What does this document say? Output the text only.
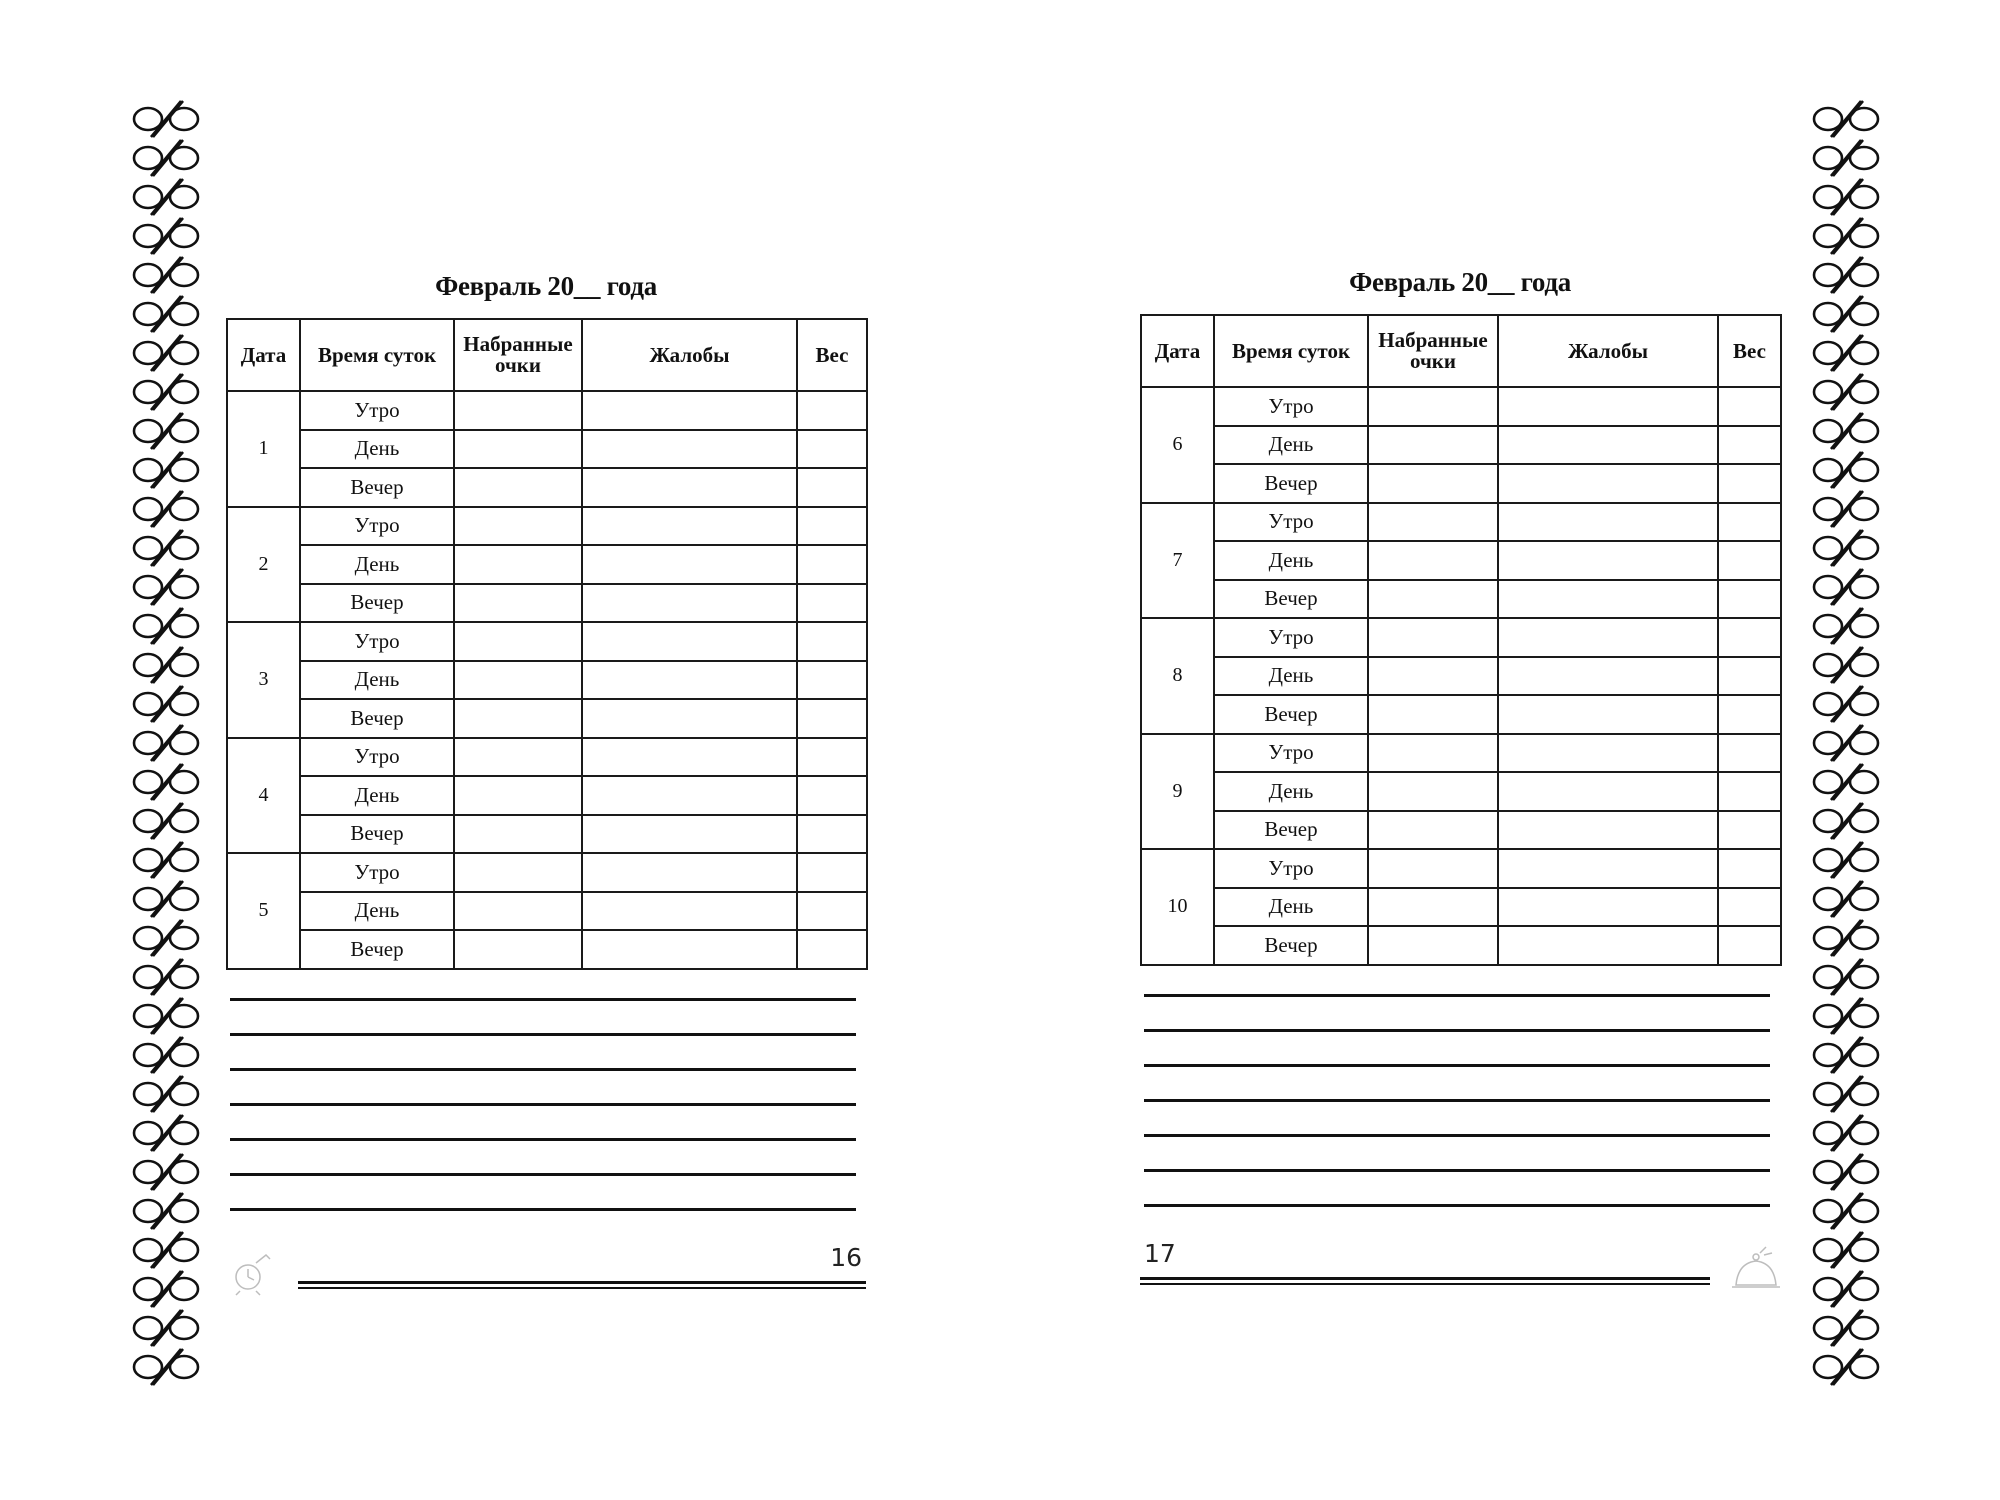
Февраль 20__ года
Дата	Время суток	Набранные очки	Жалобы	Вес
1	Утро			
	День			
	Вечер			
2	Утро			
	День			
	Вечер			
3	Утро			
	День			
	Вечер			
4	Утро			
	День			
	Вечер			
5	Утро			
	День			
	Вечер			
16
Февраль 20__ года
Дата	Время суток	Набранные очки	Жалобы	Вес
6	Утро			
	День			
	Вечер			
7	Утро			
	День			
	Вечер			
8	Утро			
	День			
	Вечер			
9	Утро			
	День			
	Вечер			
10	Утро			
	День			
	Вечер			
17
